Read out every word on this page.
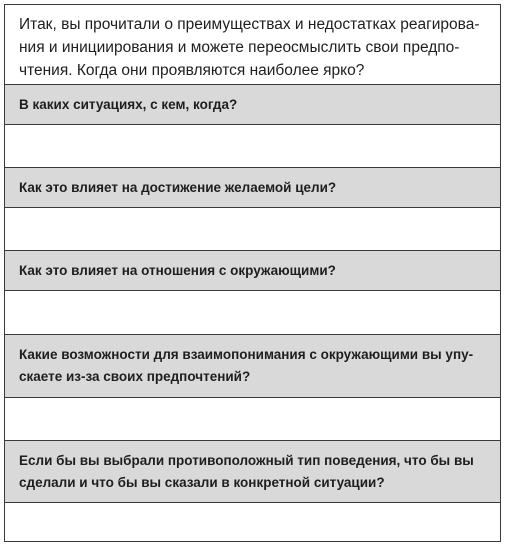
Итак, вы прочитали о преимуществах и недостатках реагирова-
ния и инициирования и можете переосмыслить свои предпо-
чтения. Когда они проявляются наиболее ярко?
В каких ситуациях, с кем, когда?
Как это влияет на достижение желаемой цели?
Как это влияет на отношения с окружающими?
Какие возможности для взаимопонимания с окружающими вы упу-
скаете из-за своих предпочтений?
Если бы вы выбрали противоположный тип поведения, что бы вы
сделали и что бы вы сказали в конкретной ситуации?
